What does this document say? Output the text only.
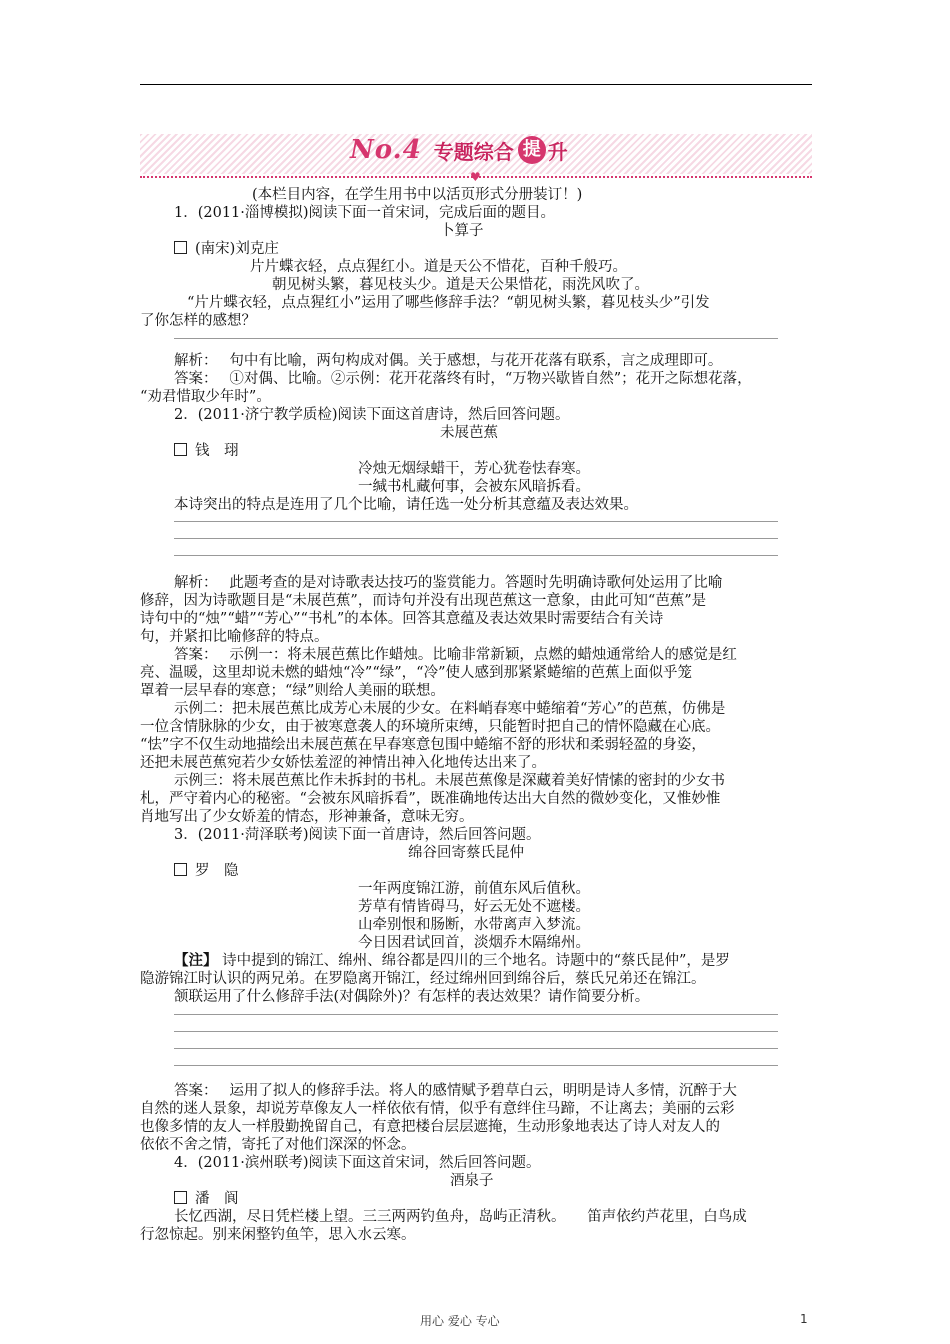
No.4 专题综合 提 升
♥
(本栏目内容，在学生用书中以活页形式分册装订！)
1．(2011·淄博模拟)阅读下面一首宋词，完成后面的题目。
卜算子
(南宋)刘克庄
片片蝶衣轻，点点猩红小。道是天公不惜花，百种千般巧。
朝见树头繁，暮见枝头少。道是天公果惜花，雨洗风吹了。
“片片蝶衣轻，点点猩红小”运用了哪些修辞手法？“朝见树头繁，暮见枝头少”引发
了你怎样的感想？
解析：　 句中有比喻，两句构成对偶。关于感想，与花开花落有联系，言之成理即可。
答案：　 ①对偶、比喻。②示例：花开花落终有时，“万物兴歇皆自然”；花开之际想花落，
“劝君惜取少年时”。
2．(2011·济宁教学质检)阅读下面这首唐诗，然后回答问题。
未展芭蕉
钱　珝
冷烛无烟绿蜡干，芳心犹卷怯春寒。
一缄书札藏何事，会被东风暗拆看。
本诗突出的特点是连用了几个比喻，请任选一处分析其意蕴及表达效果。
解析：　 此题考查的是对诗歌表达技巧的鉴赏能力。答题时先明确诗歌何处运用了比喻
修辞，因为诗歌题目是“未展芭蕉”，而诗句并没有出现芭蕉这一意象，由此可知“芭蕉”是
诗句中的“烛”“蜡”“芳心”“书札”的本体。回答其意蕴及表达效果时需要结合有关诗
句，并紧扣比喻修辞的特点。
答案：　 示例一：将未展芭蕉比作蜡烛。比喻非常新颖，点燃的蜡烛通常给人的感觉是红
亮、温暖，这里却说未燃的蜡烛“冷”“绿”，“冷”使人感到那紧紧蜷缩的芭蕉上面似乎笼
罩着一层早春的寒意；“绿”则给人美丽的联想。
示例二：把未展芭蕉比成芳心未展的少女。在料峭春寒中蜷缩着“芳心”的芭蕉，仿佛是
一位含情脉脉的少女，由于被寒意袭人的环境所束缚，只能暂时把自己的情怀隐藏在心底。
“怯”字不仅生动地描绘出未展芭蕉在早春寒意包围中蜷缩不舒的形状和柔弱轻盈的身姿，
还把未展芭蕉宛若少女娇怯羞涩的神情出神入化地传达出来了。
示例三：将未展芭蕉比作未拆封的书札。未展芭蕉像是深藏着美好情愫的密封的少女书
札，严守着内心的秘密。“会被东风暗拆看”，既准确地传达出大自然的微妙变化，又惟妙惟
肖地写出了少女娇羞的情态，形神兼备，意味无穷。
3．(2011·菏泽联考)阅读下面一首唐诗，然后回答问题。
绵谷回寄蔡氏昆仲
罗　隐
一年两度锦江游，前值东风后值秋。
芳草有情皆碍马，好云无处不遮楼。
山牵别恨和肠断，水带离声入梦流。
今日因君试回首，淡烟乔木隔绵州。
【注】 诗中提到的锦江、绵州、绵谷都是四川的三个地名。诗题中的“蔡氏昆仲”，是罗
隐游锦江时认识的两兄弟。在罗隐离开锦江，经过绵州回到绵谷后，蔡氏兄弟还在锦江。
颔联运用了什么修辞手法(对偶除外)？有怎样的表达效果？请作简要分析。
答案：　 运用了拟人的修辞手法。将人的感情赋予碧草白云，明明是诗人多情，沉醉于大
自然的迷人景象，却说芳草像友人一样依依有情，似乎有意绊住马蹄，不让离去；美丽的云彩
也像多情的友人一样殷勤挽留自己，有意把楼台层层遮掩，生动形象地表达了诗人对友人的
依依不舍之情，寄托了对他们深深的怀念。
4．(2011·滨州联考)阅读下面这首宋词，然后回答问题。
酒泉子
潘　阆
长忆西湖，尽日凭栏楼上望。三三两两钓鱼舟，岛屿正清秋。　　笛声依约芦花里，白鸟成
行忽惊起。别来闲整钓鱼竿，思入水云寒。
用心 爱心 专心	1
